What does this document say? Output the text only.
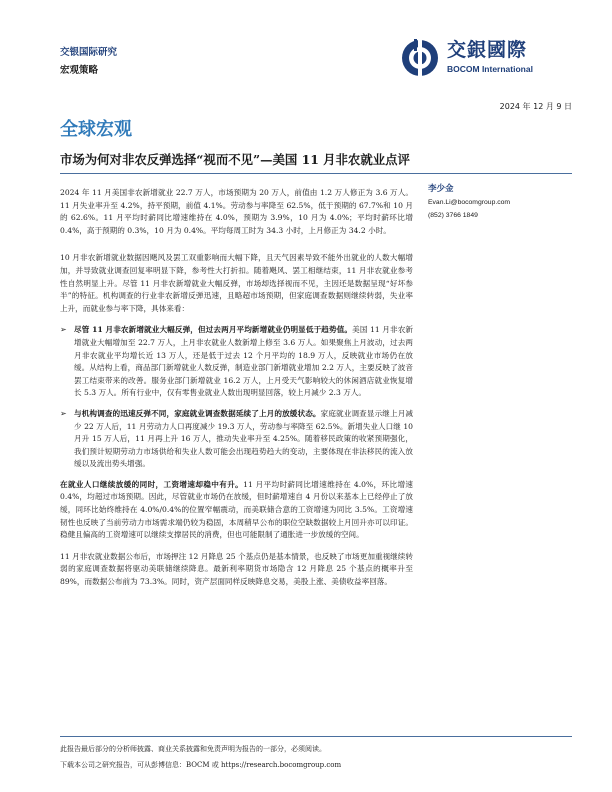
交银国际研究
宏观策略
交銀國際
BOCOM International
2024 年 12 月 9 日
全球宏观
市场为何对非农反弹选择“视而不见”—美国 11 月非农就业点评
李少金
Evan.Li@bocomgroup.com
(852) 3766 1849

2024 年 11 月美国非农新增就业 22.7 万人，市场预期为 20 万人，前值由 1.2 万人修正为 3.6 万人。11 月失业率升至 4.2%，持平预期，前值 4.1%。劳动参与率降至 62.5%，低于预期的 67.7%和 10 月的 62.6%。11 月平均时薪同比增速维持在 4.0%，预期为 3.9%，10 月为 4.0%；平均时薪环比增 0.4%，高于预期的 0.3%，10 月为 0.4%。平均每周工时为 34.3 小时，上月修正为 34.2 小时。

10 月非农新增就业数据因飓风及罢工双重影响而大幅下降，且天气因素导致不能外出就业的人数大幅增加，并导致就业调查回复率明显下降，参考性大打折扣。随着飓风、罢工相继结束，11 月非农就业参考性自然明显上升。尽管 11 月非农新增就业大幅反弹，市场却选择视而不见，主因还是数据呈现“好坏参半”的特征。机构调查的行业非农新增反弹迅速，且略超市场预期，但家庭调查数据则继续转弱，失业率上升，而就业参与率下降，具体来看：

➢ 尽管 11 月非农新增就业大幅反弹，但过去两月平均新增就业仍明显低于趋势值。美国 11 月非农新增就业大幅增加至 22.7 万人，上月非农就业人数新增上修至 3.6 万人。如果聚焦上月波动，过去两月非农就业平均增长近 13 万人，还是低于过去 12 个月平均的 18.9 万人，反映就业市场仍在放缓。从结构上看，商品部门新增就业人数反弹，制造业部门新增就业增加 2.2 万人，主要反映了波音罢工结束带来的改善。服务业部门新增就业 16.2 万人，上月受天气影响较大的休闲酒店就业恢复增长 5.3 万人。所有行业中，仅有零售业就业人数出现明显回落，较上月减少 2.3 万人。

➢ 与机构调查的迅速反弹不同，家庭就业调查数据延续了上月的放缓状态。家庭就业调查显示继上月减少 22 万人后，11 月劳动力人口再度减少 19.3 万人，劳动参与率降至 62.5%。新增失业人口继 10 月升 15 万人后，11 月再上升 16 万人，推动失业率升至 4.25%。随着移民政策的收紧预期强化，我们预计短期劳动力市场供给和失业人数可能会出现趋势趋大的变动，主要体现在非法移民的流入放缓以及流出势头增强。

在就业人口继续放缓的同时，工资增速却稳中有升。11 月平均时薪同比增速维持在 4.0%，环比增速 0.4%，均超过市场预期。因此，尽管就业市场仍在放缓，但时薪增速自 4 月份以来基本上已经停止了放缓，同环比始终维持在 4.0%/0.4%的位置窄幅震动，而美联储合意的工资增速为同比 3.5%。工资增速韧性也反映了当前劳动力市场需求端仍较为稳固，本周稍早公布的职位空缺数据较上月回升亦可以印证。稳健且偏高的工资增速可以继续支撑居民的消费，但也可能限制了通胀进一步放缓的空间。

11 月非农就业数据公布后，市场押注 12 月降息 25 个基点仍是基本情景，也反映了市场更加重视继续转弱的家庭调查数据将驱动美联储继续降息。最新利率期货市场隐含 12 月降息 25 个基点的概率升至 89%，而数据公布前为 73.3%。同时，资产层面同样反映降息交易，美股上涨、美债收益率回落。

此报告最后部分的分析师披露、商业关系披露和免责声明为报告的一部分，必须阅读。
下载本公司之研究报告，可从彭博信息：BOCM 或 https://research.bocomgroup.com
